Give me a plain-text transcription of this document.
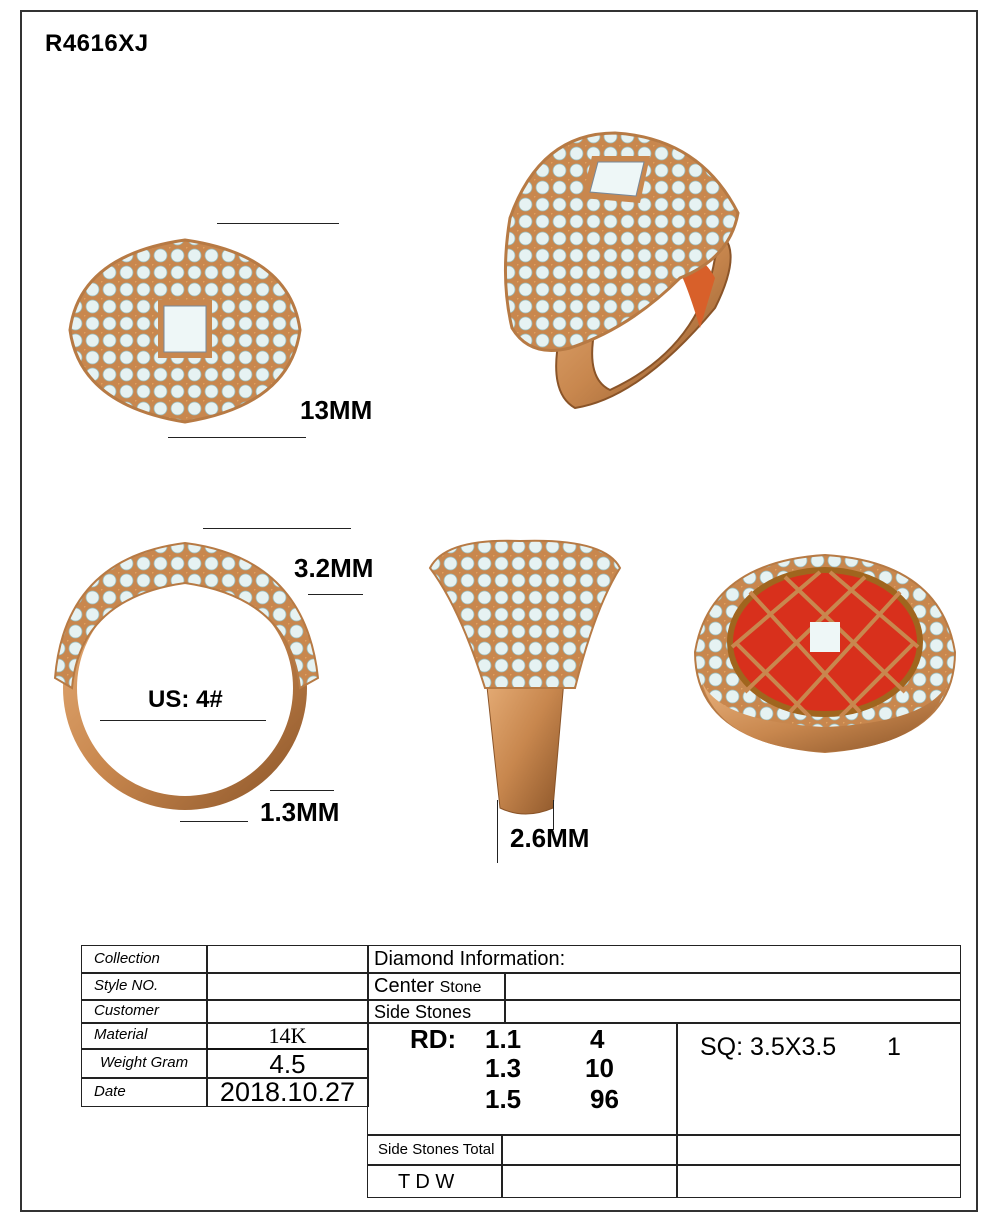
R4616XJ
13MM
3.2MM
US: 4#
1.3MM
2.6MM
Collection
Style NO.
Customer
Material	14K
Weight Gram	4.5
Date	2018.10.27
Diamond Information:
Center Stone
Side Stones
RD: 1.1	4
1.3 10
1.5	96
SQ: 3.5X3.5 1
Side Stones Total
T D W
